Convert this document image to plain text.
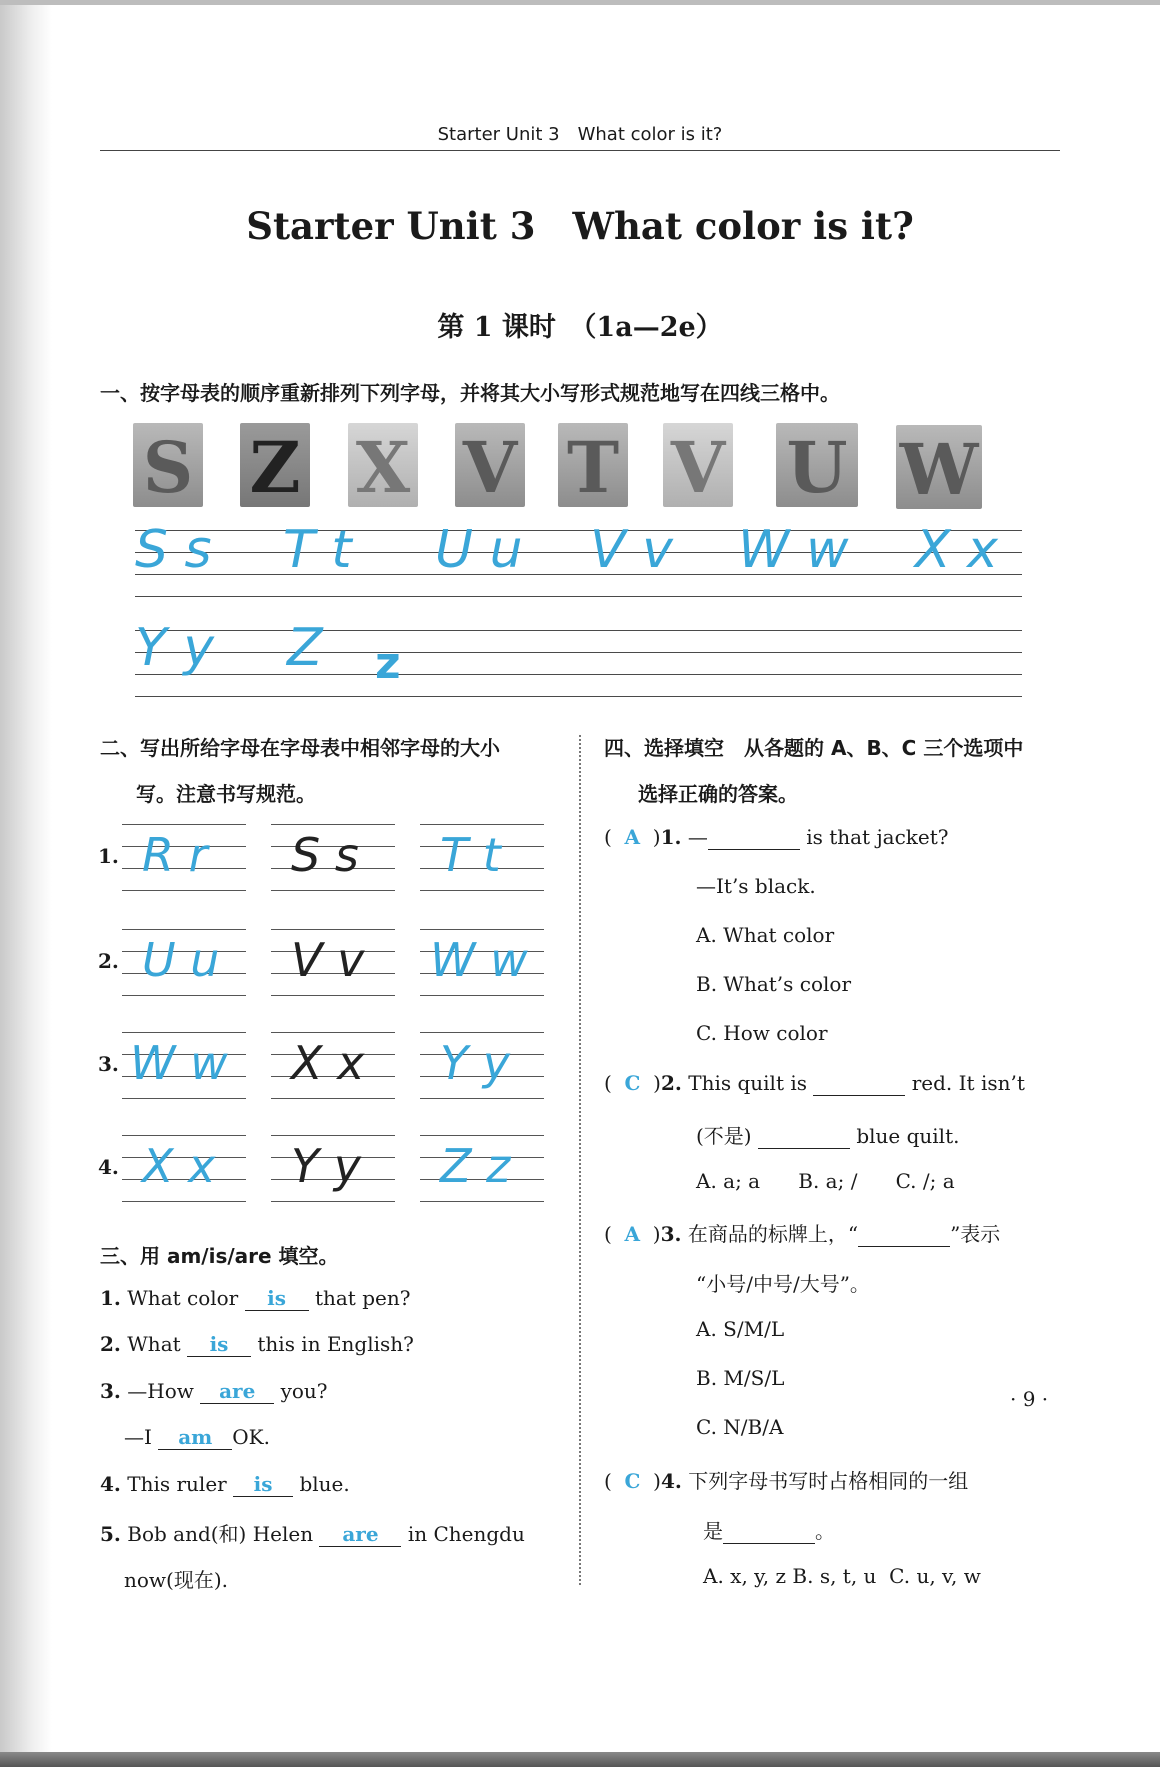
Starter Unit 3　What color is it?
Starter Unit 3　What color is it?
第 1 课时　（1a—2e）
一、按字母表的顺序重新排列下列字母，并将其大小写形式规范地写在四线三格中。
S Z X V T V U W
S s T t U u V v W w X x
Y y Z z
二、写出所给字母在字母表中相邻字母的大小
写。注意书写规范。
1. R r S s T t
2. U u V v W w
3. W w X x Y y
4. X x Y y Z z
三、用 am/is/are 填空。
1. What color is that pen?
2. What is this in English?
3. —How are you?
—I am OK.
4. This ruler is blue.
5. Bob and(和) Helen are in Chengdu
now(现在).
四、选择填空　从各题的 A、B、C 三个选项中
选择正确的答案。
( A )1. —	is that jacket?
—It’s black.
A. What color
B. What’s color
C. How color
( C )2. This quilt is	red. It isn’t
(不是)	blue quilt.
A. a; a B. a; / C. /; a
( A )3. 在商品的标牌上，“	”表示
“小号/中号/大号”。
A. S/M/L
B. M/S/L
C. N/B/A
( C )4. 下列字母书写时占格相同的一组
是	。
A. x, y, z B. s, t, u C. u, v, w
· 9 ·
